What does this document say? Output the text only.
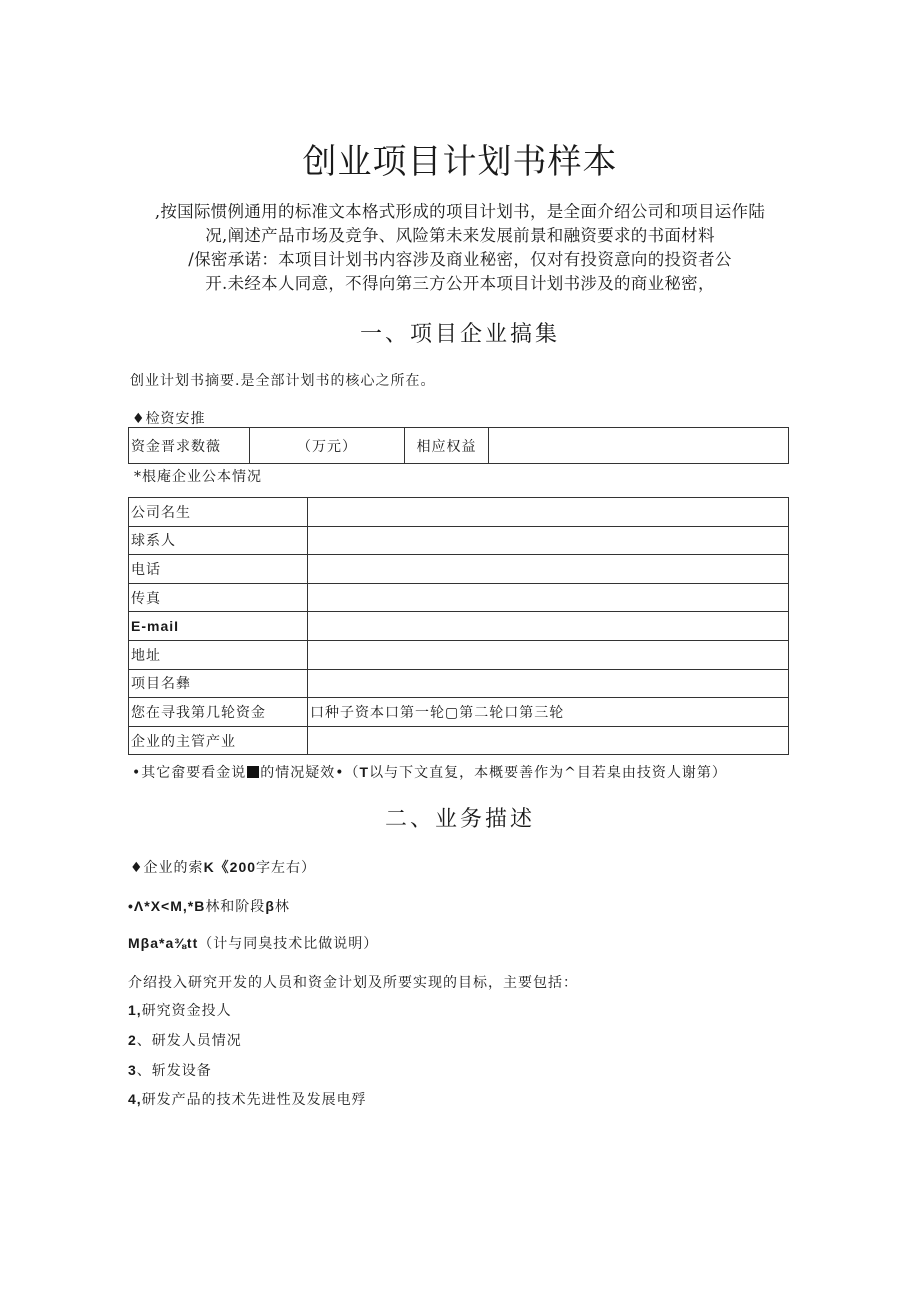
创业项目计划书样本
,按国际惯例通用的标准文本格式形成的项目计划书，是全面介绍公司和项目运作陆
况,阐述产品市场及竞争、风险第未来发展前景和融资要求的书面材料
/保密承诺：本项目计划书内容涉及商业秘密，仅对有投资意向的投资者公
开.未经本人同意，不得向第三方公开本项目计划书涉及的商业秘密，
一、项目企业搞集
创业计划书摘要.是全部计划书的核心之所在。
♦检资安推
资金晋求数薇	（万元）	相应权益	
*根庵企业公本情况
公司名生	
球系人	
电话	
传真	
E-maiI	
地址	
项目名彝	
您在寻我第几轮资金	口种子资本口第一轮▢第二轮口第三轮
企业的主管产业	
•其它畲要看金说 的情况疑效•（T以与下文直复，本概要善作为^目若臬由技资人谢第）
二、业务描述
♦企业的索K《200字左右）
•Λ*X<M,*B林和阶段β林
Mβa*a⅜tt（计与同臭技术比做说明）
介绍投入研究开发的人员和资金计划及所要实现的目标，主要包括：
1,研究资金投人
2、研发人员情况
3、斩发设备
4,研发产品的技术先进性及发展电殍
